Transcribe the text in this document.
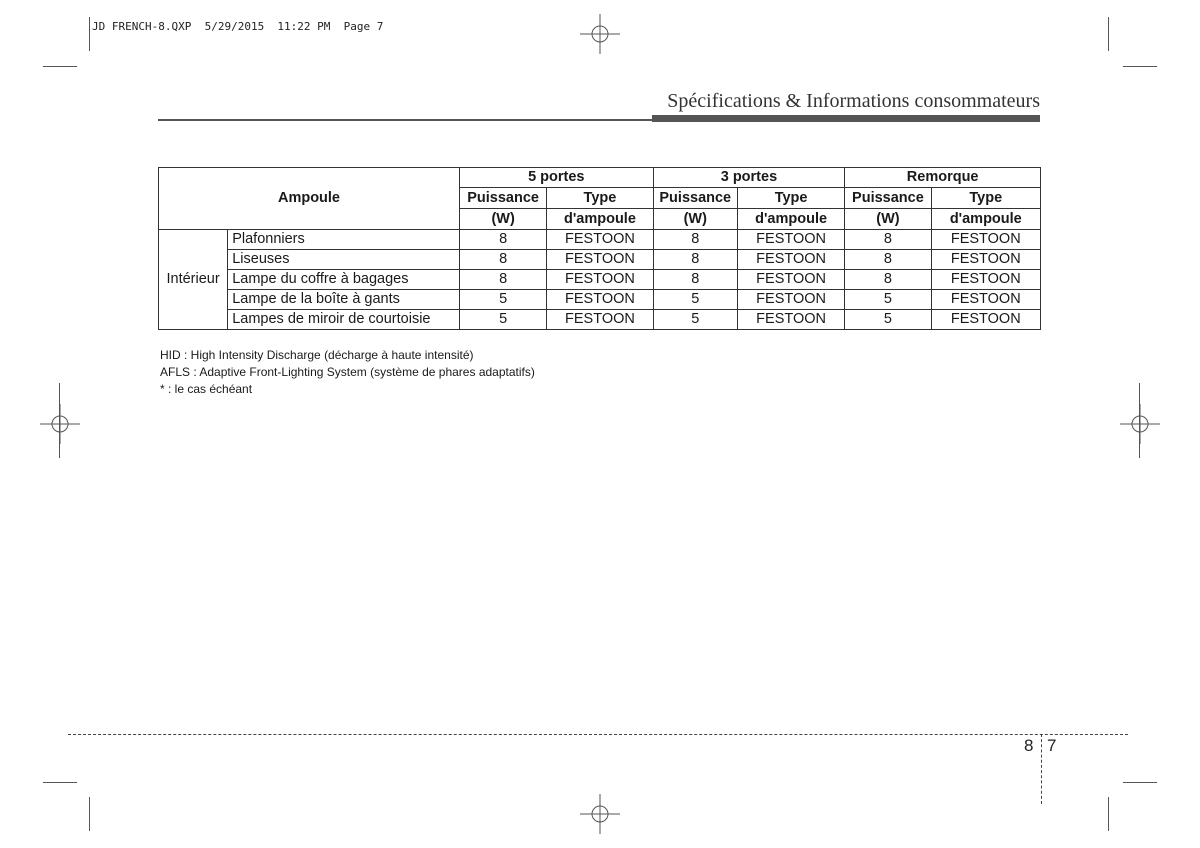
JD FRENCH-8.QXP  5/29/2015  11:22 PM  Page 7
Spécifications & Informations consommateurs
Ampoule		5 portes		3 portes		Remorque	
		Puissance	Type	Puissance	Type	Puissance	Type
		(W)	d'ampoule	(W)	d'ampoule	(W)	d'ampoule
Intérieur	Plafonniers	8	FESTOON	8	FESTOON	8	FESTOON
	Liseuses	8	FESTOON	8	FESTOON	8	FESTOON
	Lampe du coffre à bagages	8	FESTOON	8	FESTOON	8	FESTOON
	Lampe de la boîte à gants	5	FESTOON	5	FESTOON	5	FESTOON
	Lampes de miroir de courtoisie	5	FESTOON	5	FESTOON	5	FESTOON
HID : High Intensity Discharge (décharge à haute intensité)
AFLS : Adaptive Front-Lighting System (système de phares adaptatifs)
* : le cas échéant
8 7
